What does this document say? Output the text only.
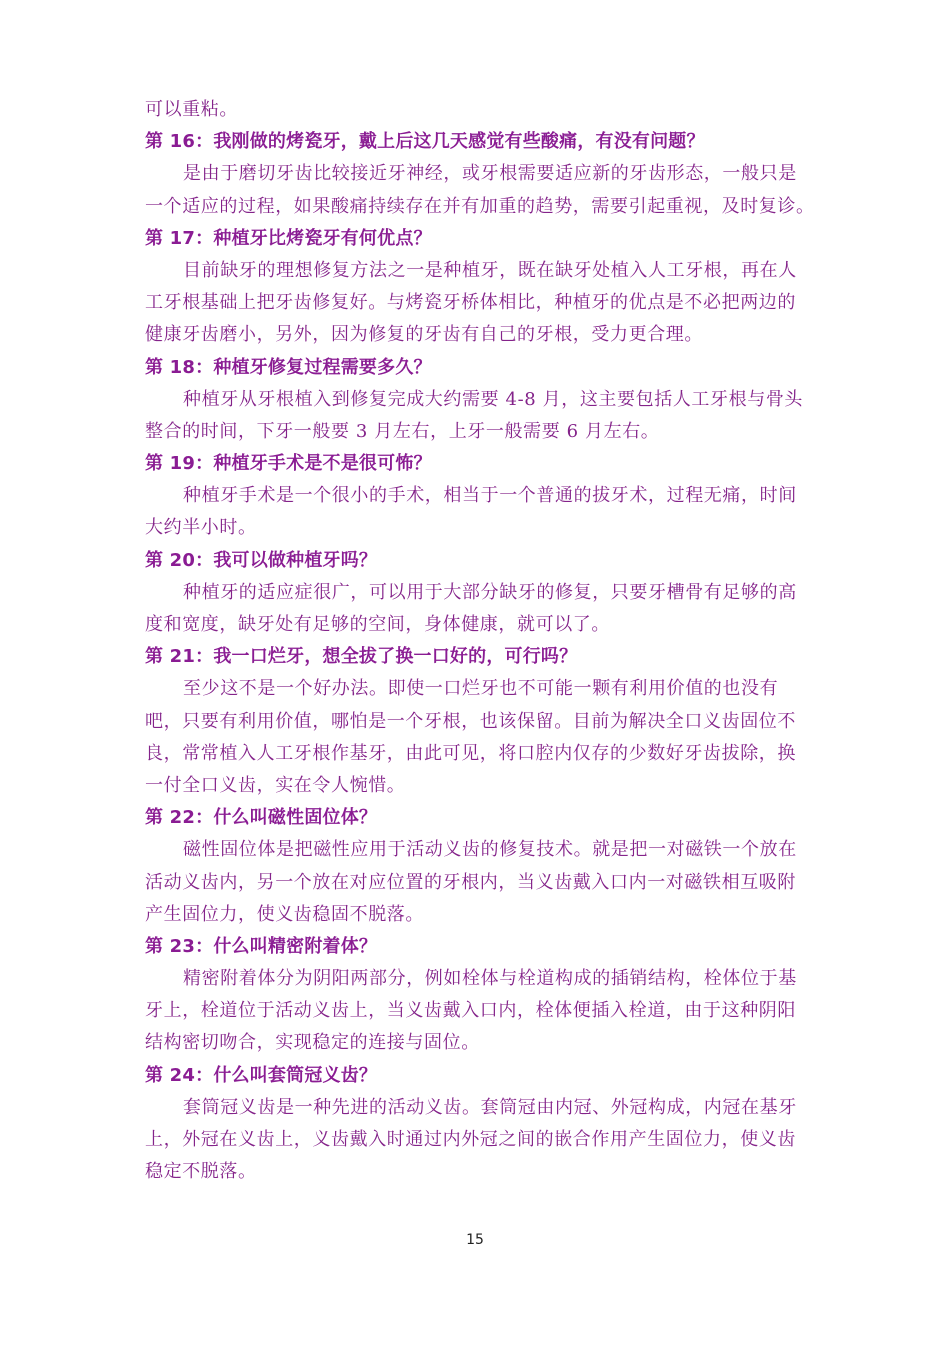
可以重粘。
第 16：我刚做的烤瓷牙，戴上后这几天感觉有些酸痛，有没有问题？
是由于磨切牙齿比较接近牙神经，或牙根需要适应新的牙齿形态，一般只是
一个适应的过程，如果酸痛持续存在并有加重的趋势，需要引起重视，及时复诊。
第 17：种植牙比烤瓷牙有何优点？
目前缺牙的理想修复方法之一是种植牙，既在缺牙处植入人工牙根，再在人
工牙根基础上把牙齿修复好。与烤瓷牙桥体相比，种植牙的优点是不必把两边的
健康牙齿磨小，另外，因为修复的牙齿有自己的牙根，受力更合理。
第 18：种植牙修复过程需要多久？
种植牙从牙根植入到修复完成大约需要 4-8 月，这主要包括人工牙根与骨头
整合的时间，下牙一般要 3 月左右，上牙一般需要 6 月左右。
第 19：种植牙手术是不是很可怖？
种植牙手术是一个很小的手术，相当于一个普通的拔牙术，过程无痛，时间
大约半小时。
第 20：我可以做种植牙吗？
种植牙的适应症很广，可以用于大部分缺牙的修复，只要牙槽骨有足够的高
度和宽度，缺牙处有足够的空间，身体健康，就可以了。
第 21：我一口烂牙，想全拔了换一口好的，可行吗？
至少这不是一个好办法。即使一口烂牙也不可能一颗有利用价值的也没有
吧，只要有利用价值，哪怕是一个牙根，也该保留。目前为解决全口义齿固位不
良，常常植入人工牙根作基牙，由此可见，将口腔内仅存的少数好牙齿拔除，换
一付全口义齿，实在令人惋惜。
第 22：什么叫磁性固位体？
磁性固位体是把磁性应用于活动义齿的修复技术。就是把一对磁铁一个放在
活动义齿内，另一个放在对应位置的牙根内，当义齿戴入口内一对磁铁相互吸附
产生固位力，使义齿稳固不脱落。
第 23：什么叫精密附着体？
精密附着体分为阴阳两部分，例如栓体与栓道构成的插销结构，栓体位于基
牙上，栓道位于活动义齿上，当义齿戴入口内，栓体便插入栓道，由于这种阴阳
结构密切吻合，实现稳定的连接与固位。
第 24：什么叫套筒冠义齿？
套筒冠义齿是一种先进的活动义齿。套筒冠由内冠、外冠构成，内冠在基牙
上，外冠在义齿上，义齿戴入时通过内外冠之间的嵌合作用产生固位力，使义齿
稳定不脱落。
15
